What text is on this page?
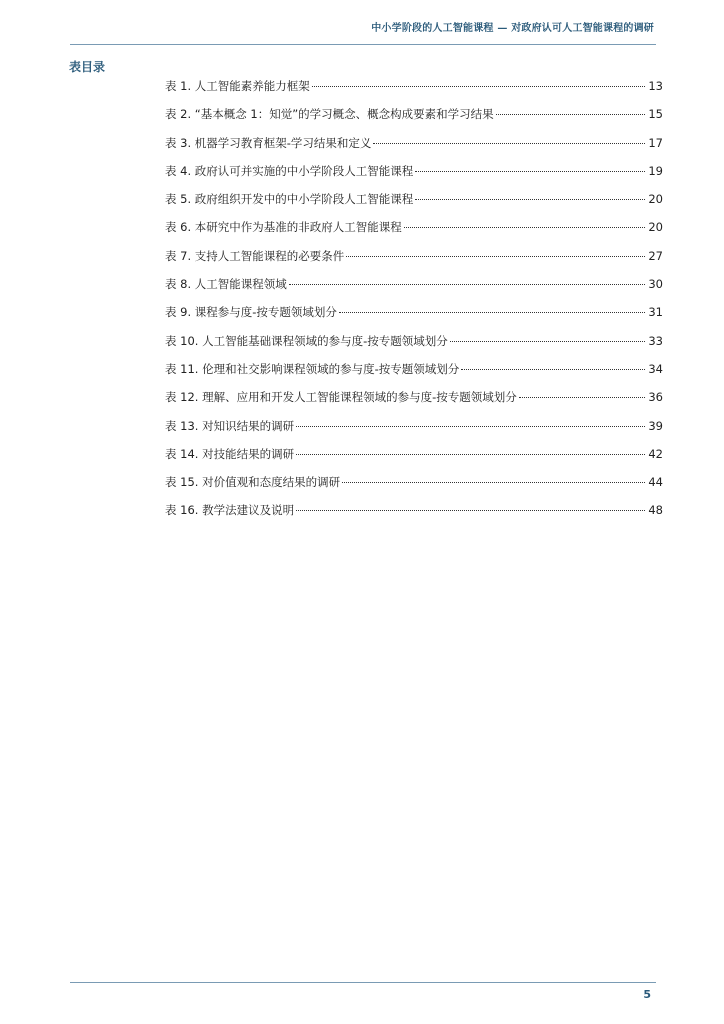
中小学阶段的人工智能课程 — 对政府认可人工智能课程的调研
表目录
表 1. 人工智能素养能力框架	13
表 2. “基本概念 1：知觉”的学习概念、概念构成要素和学习结果	15
表 3. 机器学习教育框架-学习结果和定义	17
表 4. 政府认可并实施的中小学阶段人工智能课程	19
表 5. 政府组织开发中的中小学阶段人工智能课程	20
表 6. 本研究中作为基准的非政府人工智能课程	20
表 7. 支持人工智能课程的必要条件	27
表 8. 人工智能课程领域	30
表 9. 课程参与度-按专题领域划分	31
表 10. 人工智能基础课程领域的参与度-按专题领域划分	33
表 11. 伦理和社交影响课程领域的参与度-按专题领域划分	34
表 12. 理解、应用和开发人工智能课程领域的参与度-按专题领域划分	36
表 13. 对知识结果的调研	39
表 14. 对技能结果的调研	42
表 15. 对价值观和态度结果的调研	44
表 16. 教学法建议及说明	48
5
